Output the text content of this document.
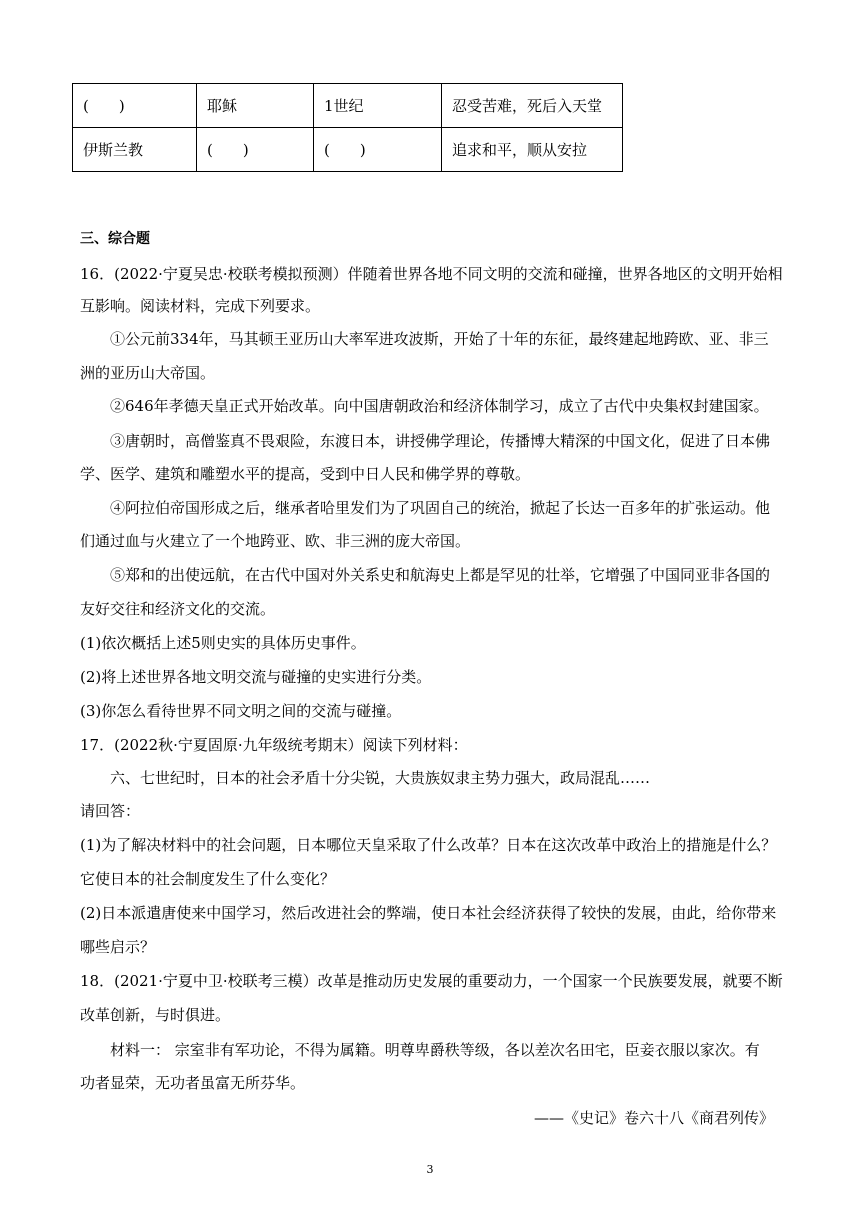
(　　)	耶稣	1世纪	忍受苦难，死后入天堂
伊斯兰教	(　　)	(　　)	追求和平，顺从安拉
三、综合题
16．(2022·宁夏吴忠·校联考模拟预测）伴随着世界各地不同文明的交流和碰撞，世界各地区的文明开始相
互影响。阅读材料，完成下列要求。
①公元前334年，马其顿王亚历山大率军进攻波斯，开始了十年的东征，最终建起地跨欧、亚、非三
洲的亚历山大帝国。
②646年孝德天皇正式开始改革。向中国唐朝政治和经济体制学习，成立了古代中央集权封建国家。
③唐朝时，高僧鉴真不畏艰险，东渡日本，讲授佛学理论，传播博大精深的中国文化，促进了日本佛
学、医学、建筑和雕塑水平的提高，受到中日人民和佛学界的尊敬。
④阿拉伯帝国形成之后，继承者哈里发们为了巩固自己的统治，掀起了长达一百多年的扩张运动。他
们通过血与火建立了一个地跨亚、欧、非三洲的庞大帝国。
⑤郑和的出使远航，在古代中国对外关系史和航海史上都是罕见的壮举，它增强了中国同亚非各国的
友好交往和经济文化的交流。
(1)依次概括上述5则史实的具体历史事件。
(2)将上述世界各地文明交流与碰撞的史实进行分类。
(3)你怎么看待世界不同文明之间的交流与碰撞。
17．(2022秋·宁夏固原·九年级统考期末）阅读下列材料：
六、七世纪时，日本的社会矛盾十分尖锐，大贵族奴隶主势力强大，政局混乱……
请回答：
(1)为了解决材料中的社会问题，日本哪位天皇采取了什么改革？日本在这次改革中政治上的措施是什么？
它使日本的社会制度发生了什么变化？
(2)日本派遣唐使来中国学习，然后改进社会的弊端，使日本社会经济获得了较快的发展，由此，给你带来
哪些启示？
18．(2021·宁夏中卫·校联考三模）改革是推动历史发展的重要动力，一个国家一个民族要发展，就要不断
改革创新，与时俱进。
材料一： 宗室非有军功论，不得为属籍。明尊卑爵秩等级，各以差次名田宅，臣妾衣服以家次。有
功者显荣，无功者虽富无所芬华。
——《史记》卷六十八《商君列传》
3
